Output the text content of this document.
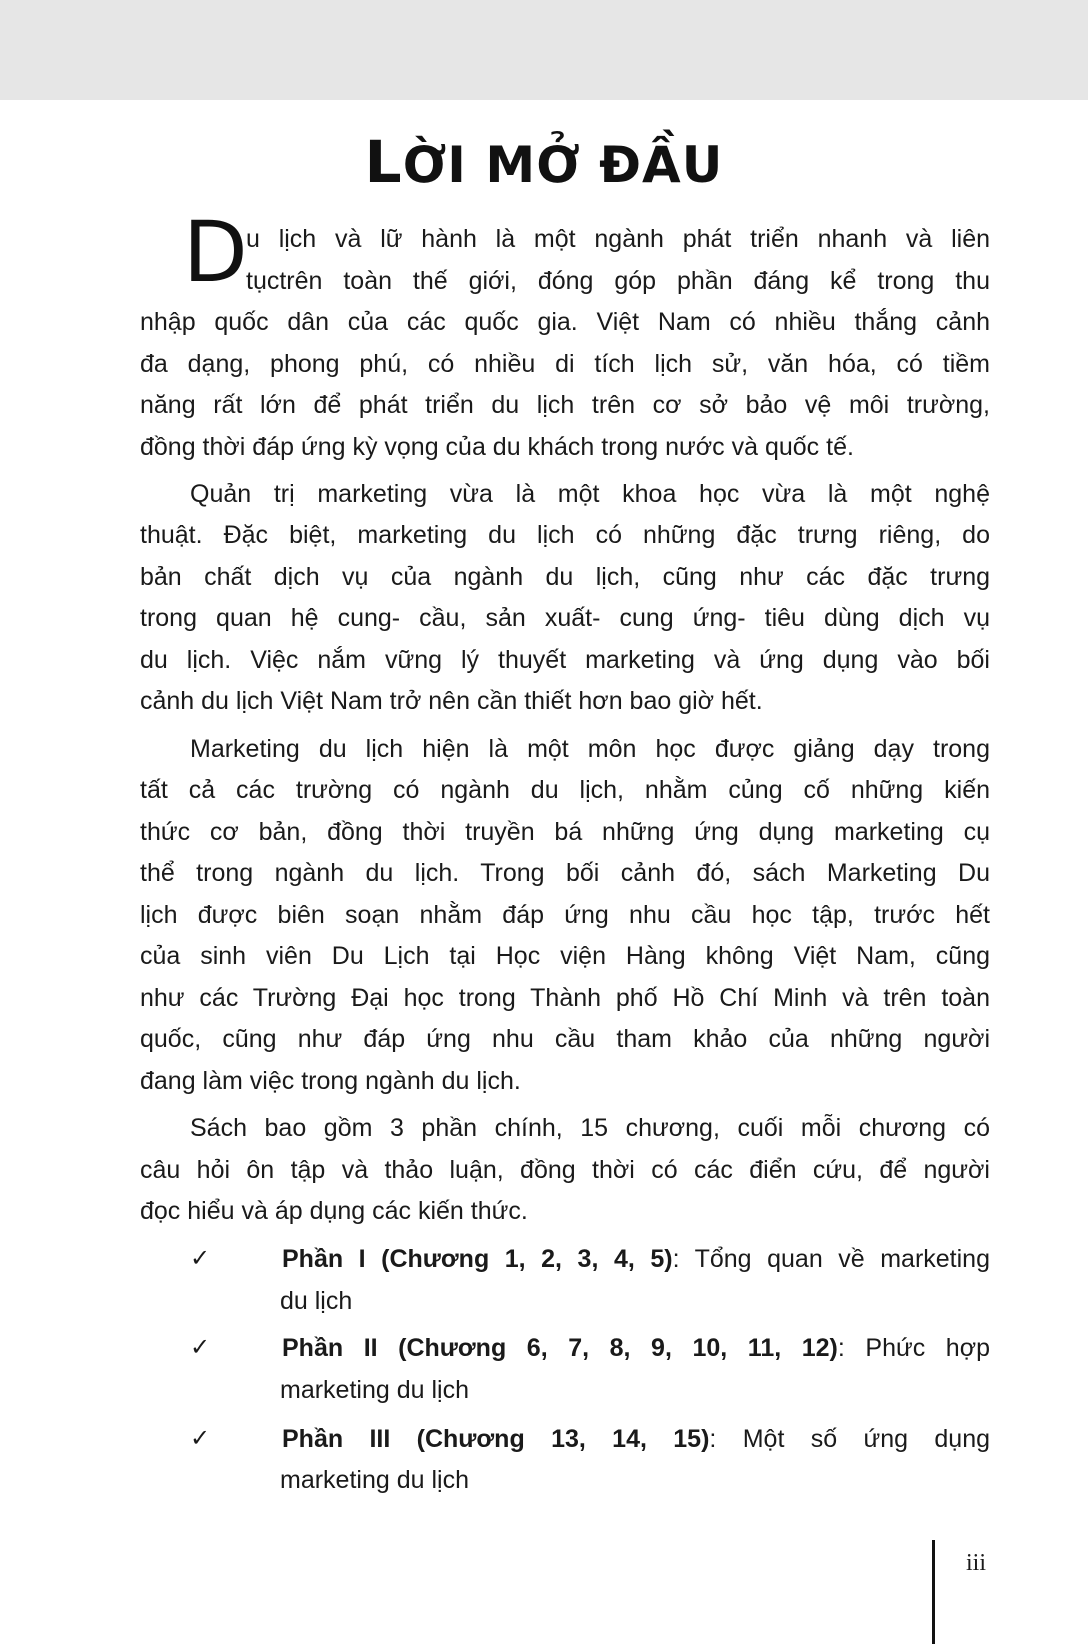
LỜI MỞ ĐẦU
D
u lịch và lữ hành là một ngành phát triển nhanh và liên
tụctrên toàn thế giới, đóng góp phần đáng kể trong thu
nhập quốc dân của các quốc gia. Việt Nam có nhiều thắng cảnh
đa dạng, phong phú, có nhiều di tích lịch sử, văn hóa, có tiềm
năng rất lớn để phát triển du lịch trên cơ sở bảo vệ môi trường,
đồng thời đáp ứng kỳ vọng của du khách trong nước và quốc tế.
Quản trị marketing vừa là một khoa học vừa là một nghệ
thuật. Đặc biệt, marketing du lịch có những đặc trưng riêng, do
bản chất dịch vụ của ngành du lịch, cũng như các đặc trưng
trong quan hệ cung- cầu, sản xuất- cung ứng- tiêu dùng dịch vụ
du lịch. Việc nắm vững lý thuyết marketing và ứng dụng vào bối
cảnh du lịch Việt Nam trở nên cần thiết hơn bao giờ hết.
Marketing du lịch hiện là một môn học được giảng dạy trong
tất cả các trường có ngành du lịch, nhằm củng cố những kiến
thức cơ bản, đồng thời truyền bá những ứng dụng marketing cụ
thể trong ngành du lịch. Trong bối cảnh đó, sách Marketing Du
lịch được biên soạn nhằm đáp ứng nhu cầu học tập, trước hết
của sinh viên Du Lịch tại Học viện Hàng không Việt Nam, cũng
như các Trường Đại học trong Thành phố Hồ Chí Minh và trên toàn
quốc, cũng như đáp ứng nhu cầu tham khảo của những người
đang làm việc trong ngành du lịch.
Sách bao gồm 3 phần chính, 15 chương, cuối mỗi chương có
câu hỏi ôn tập và thảo luận, đồng thời có các điển cứu, để người
đọc hiểu và áp dụng các kiến thức.
✓	Phần I (Chương 1, 2, 3, 4, 5): Tổng quan về marketing
du lịch
✓	Phần II (Chương 6, 7, 8, 9, 10, 11, 12): Phức hợp
marketing du lịch
✓	Phần III (Chương 13, 14, 15): Một số ứng dụng
marketing du lịch
iii
